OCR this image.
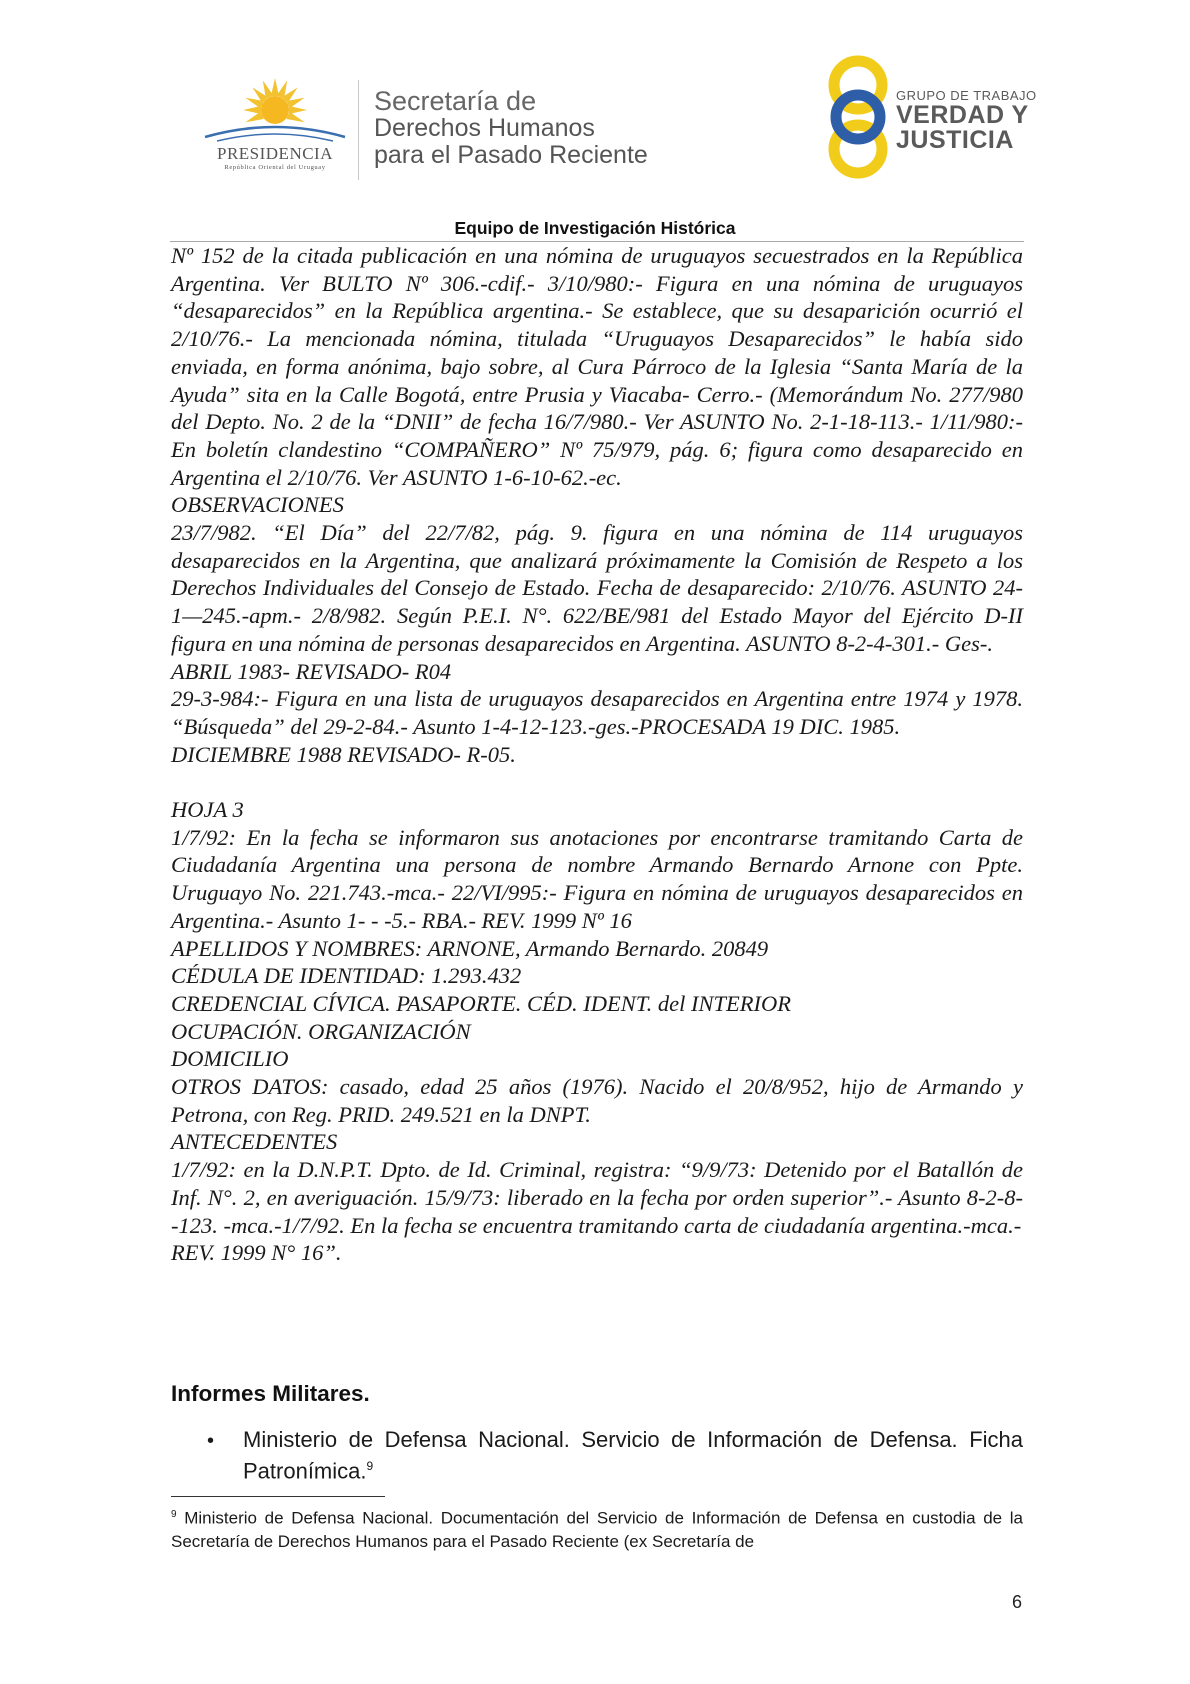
PRESIDENCIA
República Oriental del Uruguay
Secretaría de
Derechos Humanos
para el Pasado Reciente
GRUPO DE TRABAJO
VERDAD Y
JUSTICIA
Equipo de Investigación Histórica

Nº 152 de la citada publicación en una nómina de uruguayos secuestrados en la República Argentina. Ver BULTO Nº 306.-cdif.- 3/10/980:- Figura en una nómina de uruguayos “desaparecidos” en la República argentina.- Se establece, que su desaparición ocurrió el 2/10/76.- La mencionada nómina, titulada “Uruguayos Desaparecidos” le había sido enviada, en forma anónima, bajo sobre, al Cura Párroco de la Iglesia “Santa María de la Ayuda” sita en la Calle Bogotá, entre Prusia y Viacaba- Cerro.- (Memorándum No. 277/980 del Depto. No. 2 de la “DNII” de fecha 16/7/980.- Ver ASUNTO No. 2-1-18-113.- 1/11/980:- En boletín clandestino “COMPAÑERO” Nº 75/979, pág. 6; figura como desaparecido en Argentina el 2/10/76. Ver ASUNTO 1-6-10-62.-ec.

OBSERVACIONES

23/7/982. “El Día” del 22/7/82, pág. 9. figura en una nómina de 114 uruguayos desaparecidos en la Argentina, que analizará próximamente la Comisión de Respeto a los Derechos Individuales del Consejo de Estado. Fecha de desaparecido: 2/10/76. ASUNTO 24-1—245.-apm.- 2/8/982. Según P.E.I. N°. 622/BE/981 del Estado Mayor del Ejército D-II figura en una nómina de personas desaparecidos en Argentina. ASUNTO 8-2-4-301.- Ges-.

ABRIL 1983- REVISADO- R04

29-3-984:- Figura en una lista de uruguayos desaparecidos en Argentina entre 1974 y 1978. “Búsqueda” del 29-2-84.- Asunto 1-4-12-123.-ges.-PROCESADA 19 DIC. 1985.

DICIEMBRE 1988 REVISADO- R-05.

HOJA 3

1/7/92: En la fecha se informaron sus anotaciones por encontrarse tramitando Carta de Ciudadanía Argentina una persona de nombre Armando Bernardo Arnone con Ppte. Uruguayo No. 221.743.-mca.- 22/VI/995:- Figura en nómina de uruguayos desaparecidos en Argentina.- Asunto 1- - -5.- RBA.- REV. 1999 Nº 16

APELLIDOS Y NOMBRES: ARNONE, Armando Bernardo. 20849

CÉDULA DE IDENTIDAD: 1.293.432

CREDENCIAL CÍVICA. PASAPORTE. CÉD. IDENT. del INTERIOR

OCUPACIÓN. ORGANIZACIÓN

DOMICILIO

OTROS DATOS: casado, edad 25 años (1976). Nacido el 20/8/952, hijo de Armando y Petrona, con Reg. PRID. 249.521 en la DNPT.

ANTECEDENTES

1/7/92: en la D.N.P.T. Dpto. de Id. Criminal, registra: “9/9/73: Detenido por el Batallón de Inf. N°. 2, en averiguación. 15/9/73: liberado en la fecha por orden superior”.- Asunto 8-2-8--123. -mca.-1/7/92. En la fecha se encuentra tramitando carta de ciudadanía argentina.-mca.-

REV. 1999 N° 16”.

Informes Militares.
• Ministerio de Defensa Nacional. Servicio de Información de Defensa. Ficha Patronímica.$^9$
$^9$ Ministerio de Defensa Nacional. Documentación del Servicio de Información de Defensa en custodia de la Secretaría de Derechos Humanos para el Pasado Reciente (ex Secretaría de
6
